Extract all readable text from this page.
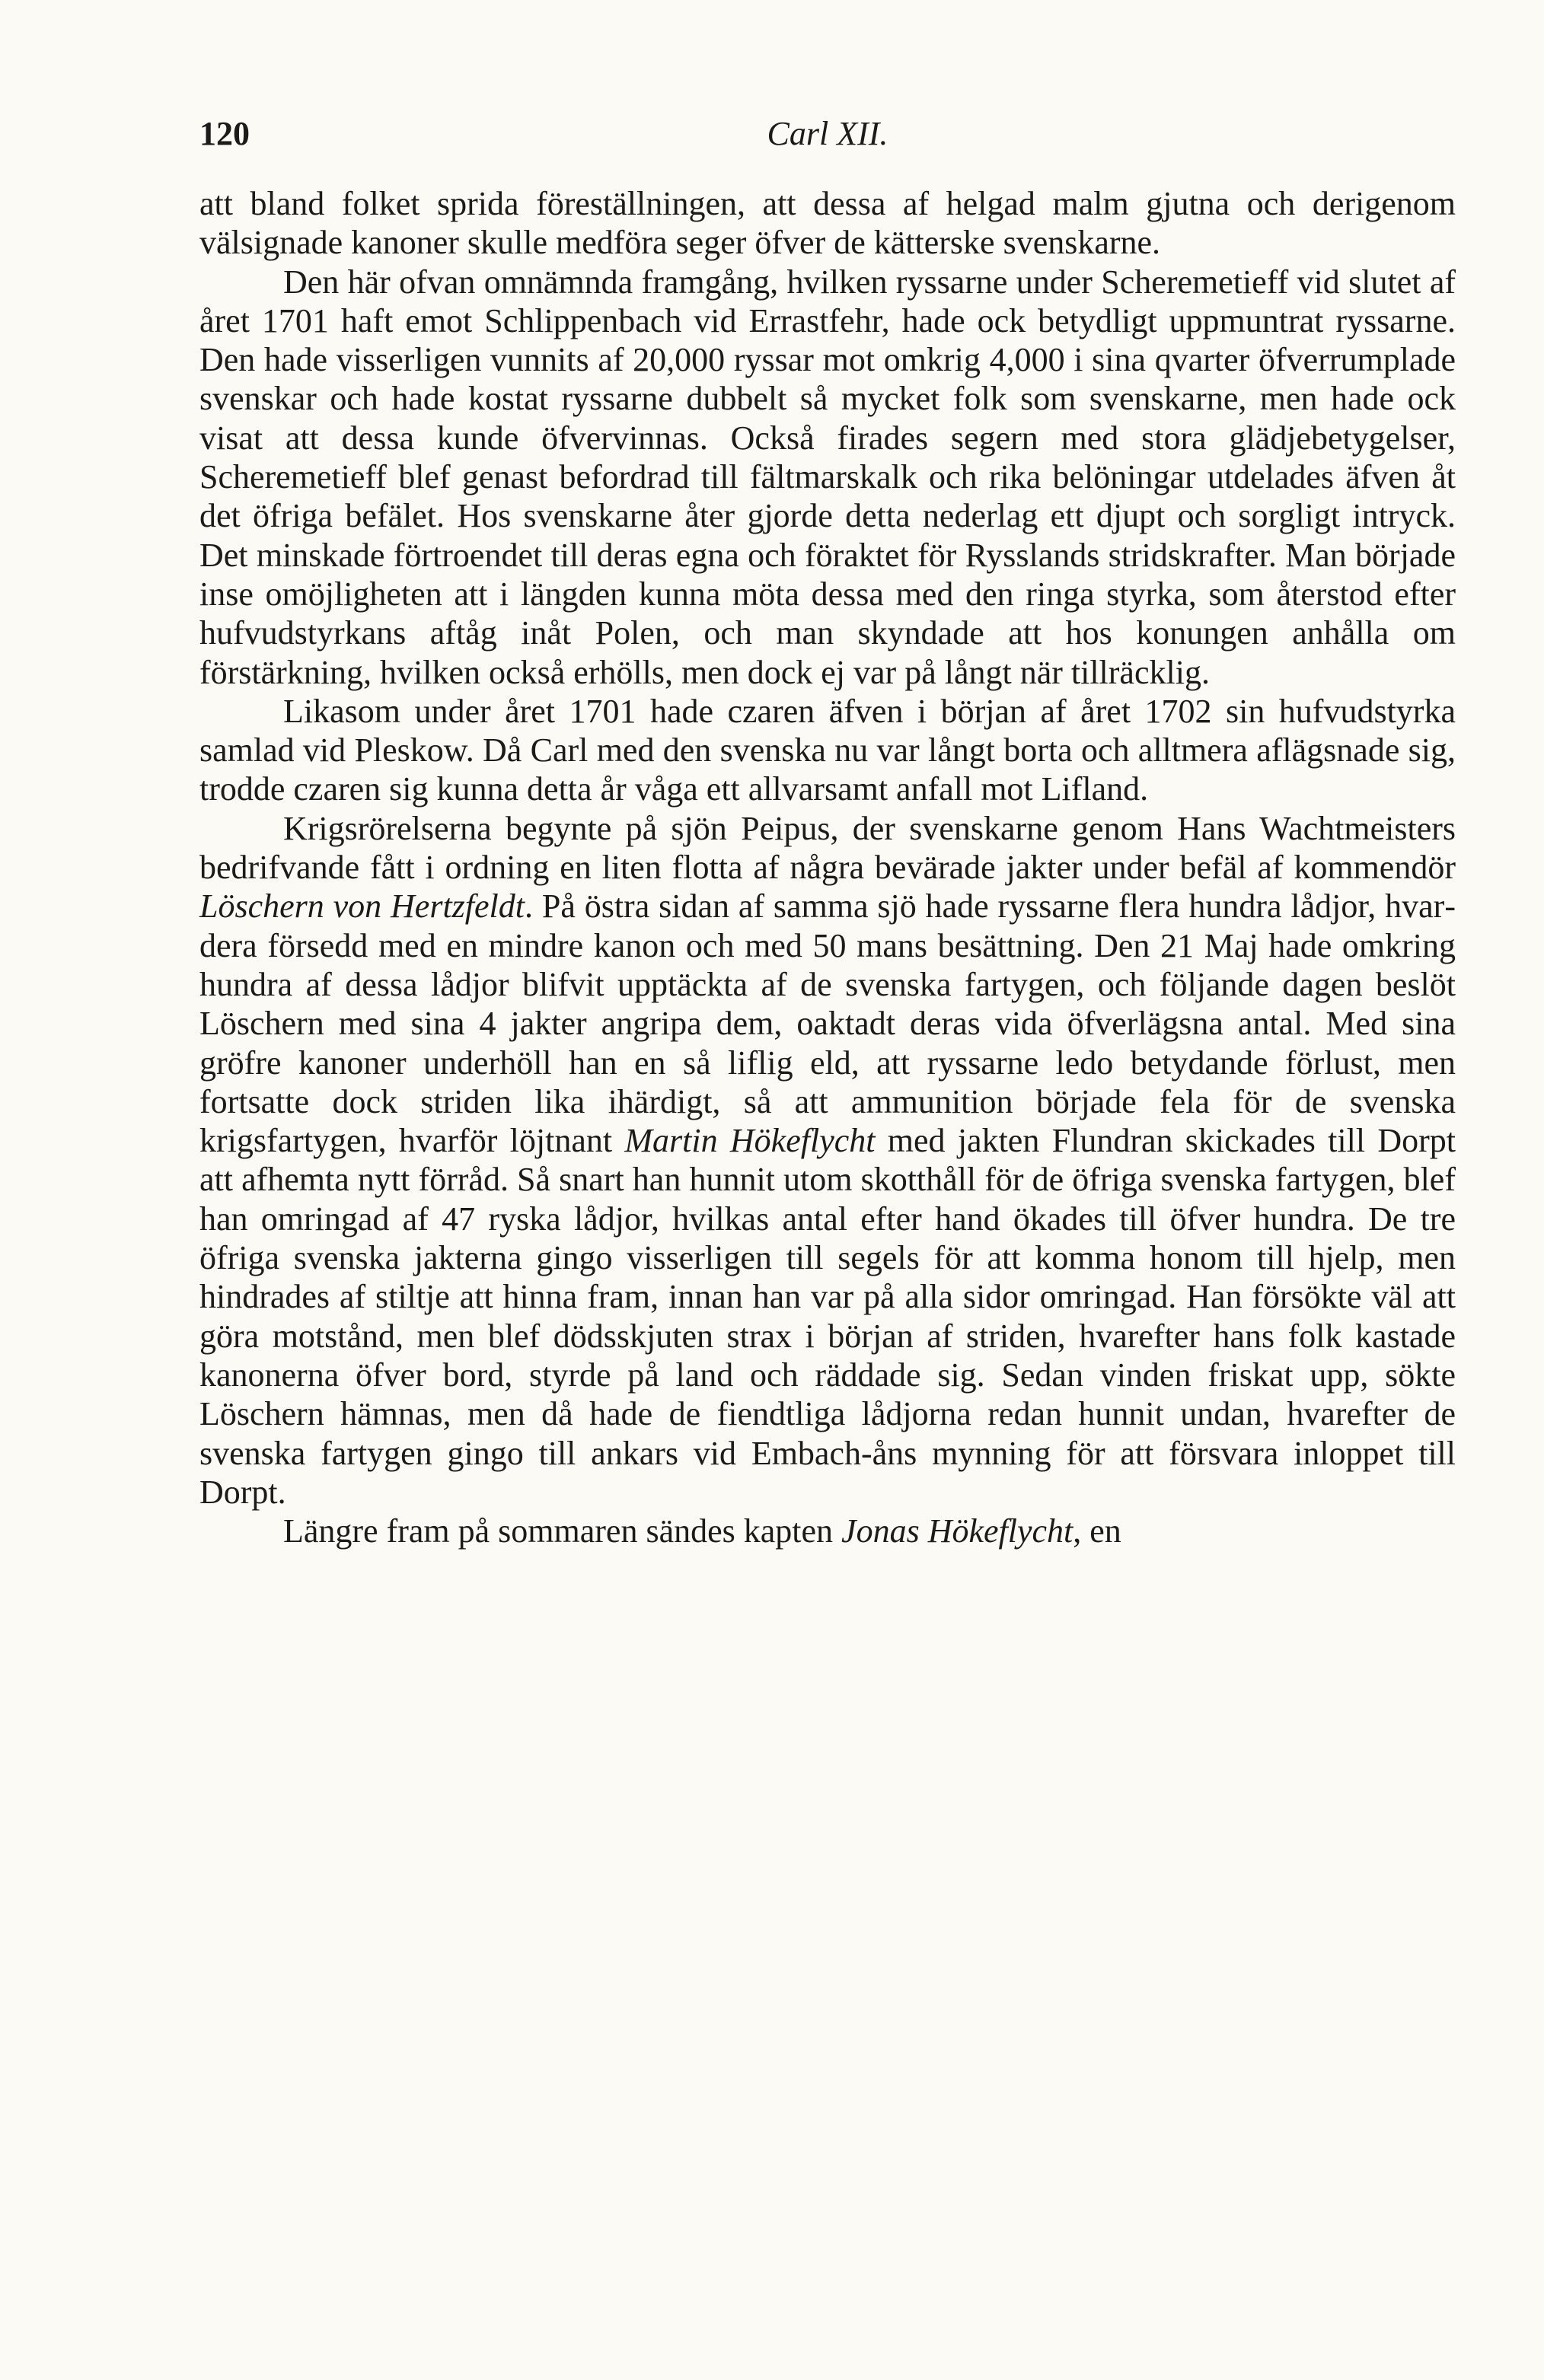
120	Carl XII.

att bland folket sprida föreställningen, att dessa af helgad malm gjutna och derigenom välsignade kanoner skulle medföra seger öfver de kätterske svenskarne.

Den här ofvan omnämnda framgång, hvilken ryssarne under Scheremetieff vid slutet af året 1701 haft emot Schlippenbach vid Errastfehr, hade ock betydligt uppmuntrat ryssarne. Den hade visserligen vunnits af 20,000 ryssar mot omkrig 4,000 i sina qvarter öfverrumplade svenskar och hade kostat ryssarne dubbelt så mycket folk som svenskarne, men hade ock visat att dessa kunde öfvervinnas. Också firades segern med stora glädjebetygelser, Scheremetieff blef genast befordrad till fältmarskalk och rika belöningar utdelades äfven åt det öfriga befälet. Hos svenskarne åter gjorde detta nederlag ett djupt och sorgligt intryck. Det minskade förtroendet till deras egna och föraktet för Rysslands stridskrafter. Man började inse omöjligheten att i längden kunna möta dessa med den ringa styrka, som återstod efter hufvudstyrkans aftåg inåt Polen, och man skyndade att hos konungen anhålla om förstärkning, hvilken också erhölls, men dock ej var på långt när tillräcklig.

Likasom under året 1701 hade czaren äfven i början af året 1702 sin hufvudstyrka samlad vid Pleskow. Då Carl med den svenska nu var långt borta och alltmera aflägsnade sig, trodde czaren sig kunna detta år våga ett allvarsamt anfall mot Lifland.

Krigsrörelserna begynte på sjön Peipus, der svenskarne genom Hans Wachtmeisters bedrifvande fått i ordning en liten flotta af några bevärade jakter under befäl af kommendör Löschern von Hertzfeldt. På östra sidan af samma sjö hade ryssarne flera hundra lådjor, hvardera försedd med en mindre kanon och med 50 mans besättning. Den 21 Maj hade omkring hundra af dessa lådjor blifvit upptäckta af de svenska fartygen, och följande dagen beslöt Löschern med sina 4 jakter angripa dem, oaktadt deras vida öfverlägsna antal. Med sina gröfre kanoner underhöll han en så liflig eld, att ryssarne ledo betydande förlust, men fortsatte dock striden lika ihärdigt, så att ammunition började fela för de svenska krigsfartygen, hvarför löjtnant Martin Hökeflycht med jakten Flundran skickades till Dorpt att afhemta nytt förråd. Så snart han hunnit utom skotthåll för de öfriga svenska fartygen, blef han omringad af 47 ryska lådjor, hvilkas antal efter hand ökades till öfver hundra. De tre öfriga svenska jakterna gingo visserligen till segels för att komma honom till hjelp, men hindrades af stiltje att hinna fram, innan han var på alla sidor omringad. Han försökte väl att göra motstånd, men blef dödsskjuten strax i början af striden, hvarefter hans folk kastade kanonerna öfver bord, styrde på land och räddade sig. Sedan vinden friskat upp, sökte Löschern hämnas, men då hade de fiendtliga lådjorna redan hunnit undan, hvarefter de svenska fartygen gingo till ankars vid Embach-åns mynning för att försvara inloppet till Dorpt.

Längre fram på sommaren sändes kapten Jonas Hökeflycht, en
